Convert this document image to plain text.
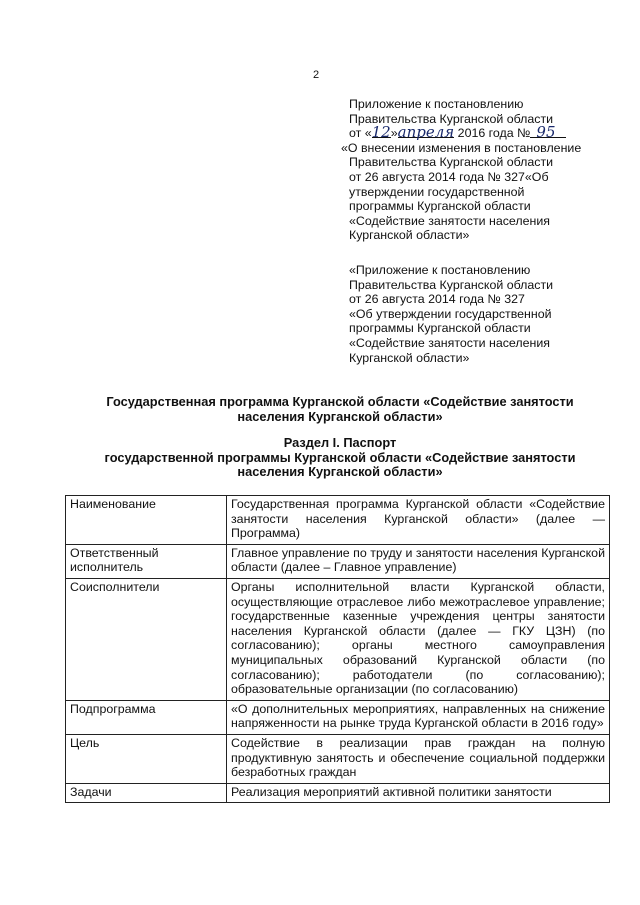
2
Приложение к постановлению
Правительства Курганской области
от «12»апреля 2016 года № 95
«О внесении изменения в постановление
Правительства Курганской области
от 26 августа 2014 года № 327«Об
утверждении государственной
программы Курганской области
«Содействие занятости населения
Курганской области»
«Приложение к постановлению
Правительства Курганской области
от 26 августа 2014 года № 327
«Об утверждении государственной
программы Курганской области
«Содействие занятости населения
Курганской области»
Государственная программа Курганской области «Содействие занятости
населения Курганской области»
Раздел I. Паспорт
государственной программы Курганской области «Содействие занятости
населения Курганской области»
Наименование	Государственная программа Курганской области «Содействие занятости населения Курганской области» (далее — Программа)
Ответственный исполнитель	Главное управление по труду и занятости населения Курганской области (далее – Главное управление)
Соисполнители	Органы исполнительной власти Курганской области, осуществляющие отраслевое либо межотраслевое управление; государственные казенные учреждения центры занятости населения Курганской области (далее — ГКУ ЦЗН) (по согласованию); органы местного самоуправления муниципальных образований Курганской области (по согласованию); работодатели (по согласованию); образовательные организации (по согласованию)
Подпрограмма	«О дополнительных мероприятиях, направленных на снижение напряженности на рынке труда Курганской области в 2016 году»
Цель	Содействие в реализации прав граждан на полную продуктивную занятость и обеспечение социальной поддержки безработных граждан
Задачи	Реализация мероприятий активной политики занятости
